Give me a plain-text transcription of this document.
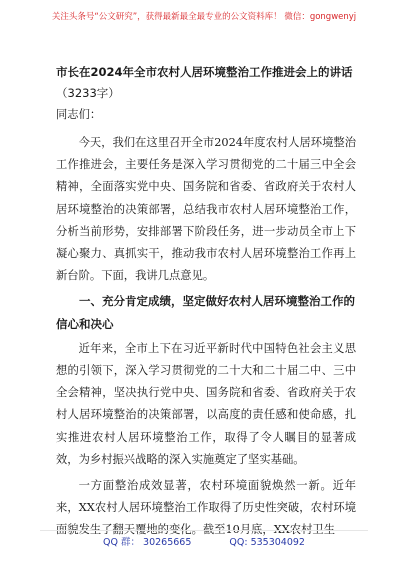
关注头条号“公文研究”，获得最新最全最专业的公文资料库！ 微信：gongwenyj

市长在2024年全市农村人居环境整治工作推进会上的讲话

（3233字）

同志们：

今天，我们在这里召开全市2024年度农村人居环境整治工作推进会，主要任务是深入学习贯彻党的二十届三中全会精神，全面落实党中央、国务院和省委、省政府关于农村人居环境整治的决策部署，总结我市农村人居环境整治工作，分析当前形势，安排部署下阶段任务，进一步动员全市上下凝心聚力、真抓实干，推动我市农村人居环境整治工作再上新台阶。下面，我讲几点意见。

一、充分肯定成绩，坚定做好农村人居环境整治工作的信心和决心

近年来，全市上下在习近平新时代中国特色社会主义思想的引领下，深入学习贯彻党的二十大和二十届二中、三中全会精神，坚决执行党中央、国务院和省委、省政府关于农村人居环境整治的决策部署，以高度的责任感和使命感，扎实推进农村人居环境整治工作，取得了令人瞩目的显著成效，为乡村振兴战略的深入实施奠定了坚实基础。

一方面整治成效显著，农村环境面貌焕然一新。近年来，XX农村人居环境整治工作取得了历史性突破，农村环境面貌发生了翻天覆地的变化。截至10月底，XX农村卫生

QQ 群： 30265665	QQ: 535304092
